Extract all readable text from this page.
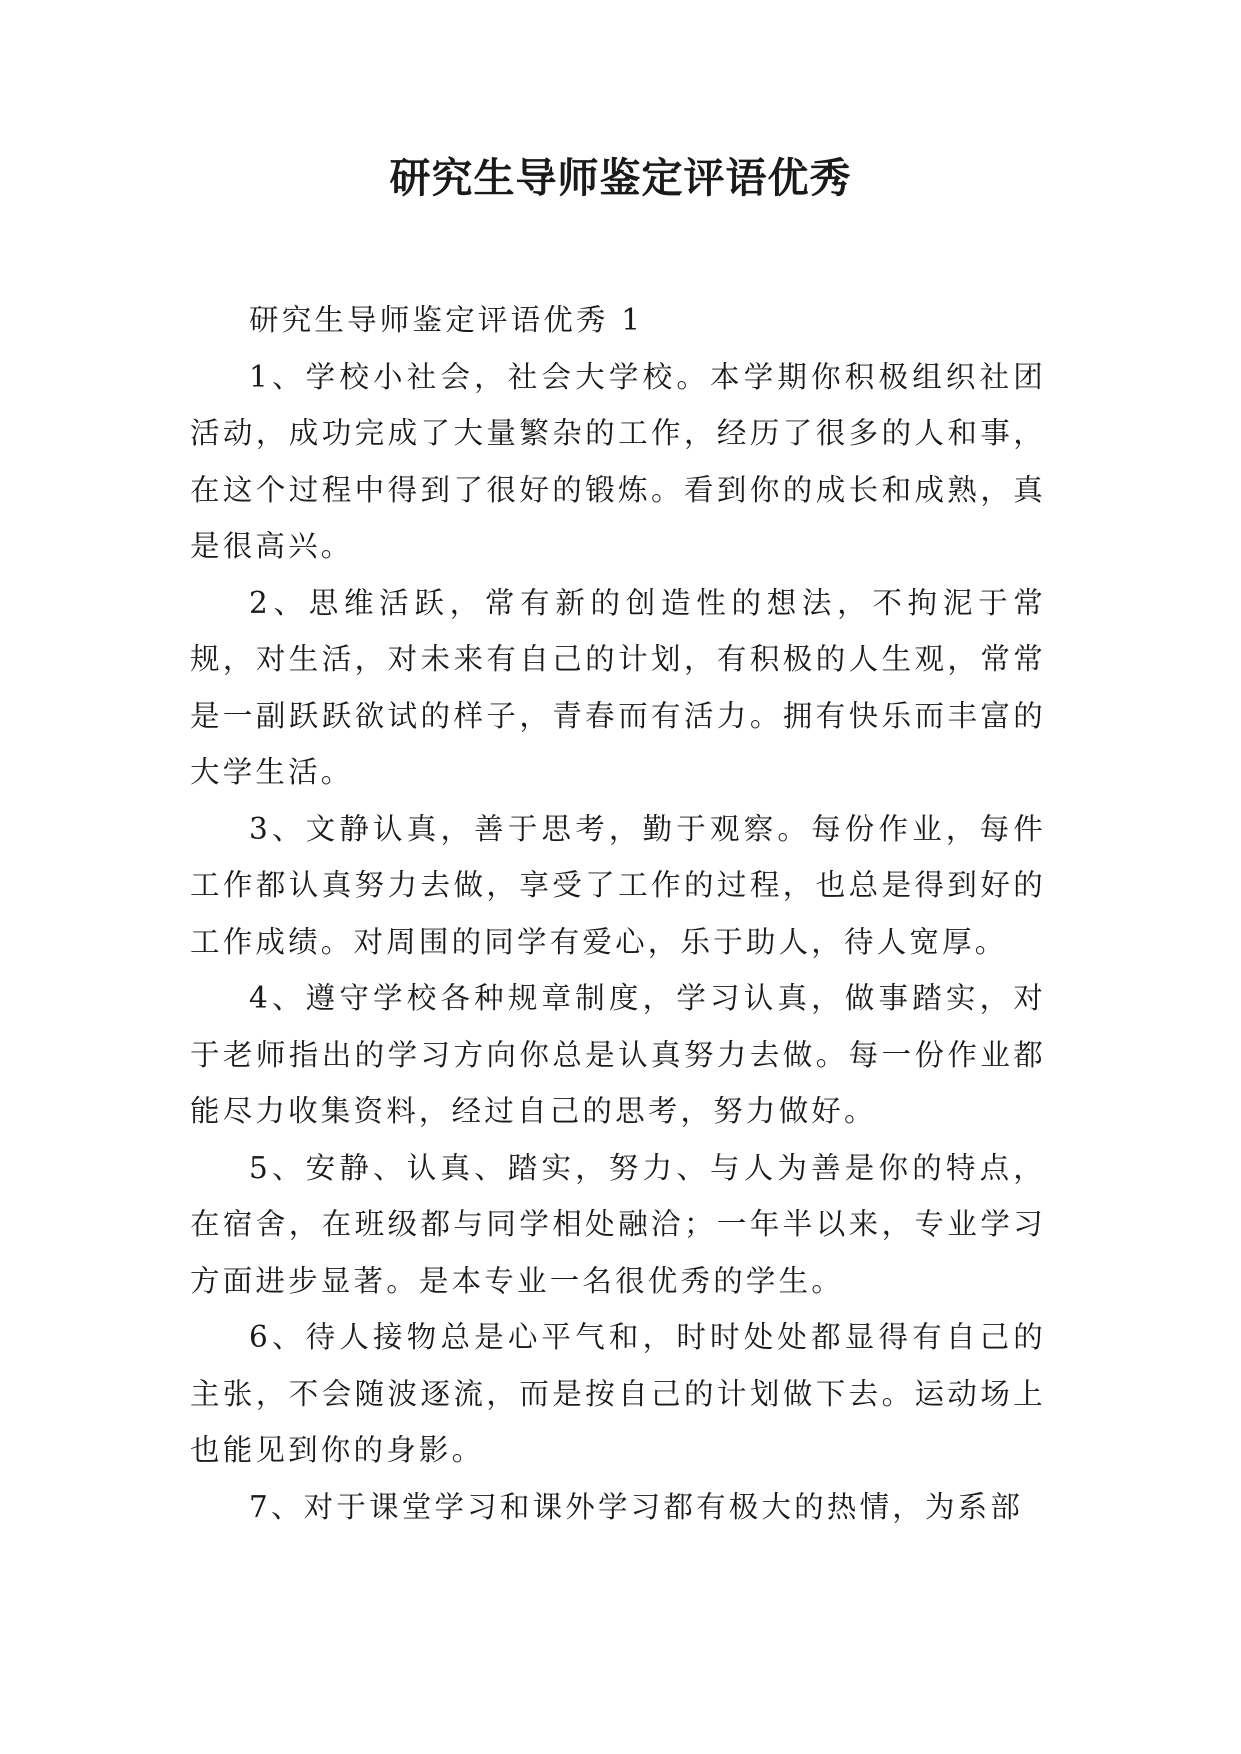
研究生导师鉴定评语优秀

研究生导师鉴定评语优秀 1

1、学校小社会，社会大学校。本学期你积极组织社团活动，成功完成了大量繁杂的工作，经历了很多的人和事，在这个过程中得到了很好的锻炼。看到你的成长和成熟，真是很高兴。

2、思维活跃，常有新的创造性的想法，不拘泥于常规，对生活，对未来有自己的计划，有积极的人生观，常常是一副跃跃欲试的样子，青春而有活力。拥有快乐而丰富的大学生活。

3、文静认真，善于思考，勤于观察。每份作业，每件工作都认真努力去做，享受了工作的过程，也总是得到好的工作成绩。对周围的同学有爱心，乐于助人，待人宽厚。

4、遵守学校各种规章制度，学习认真，做事踏实，对于老师指出的学习方向你总是认真努力去做。每一份作业都能尽力收集资料，经过自己的思考，努力做好。

5、安静、认真、踏实，努力、与人为善是你的特点，在宿舍，在班级都与同学相处融洽；一年半以来，专业学习方面进步显著。是本专业一名很优秀的学生。

6、待人接物总是心平气和，时时处处都显得有自己的主张，不会随波逐流，而是按自己的计划做下去。运动场上也能见到你的身影。

7、对于课堂学习和课外学习都有极大的热情，为系部
